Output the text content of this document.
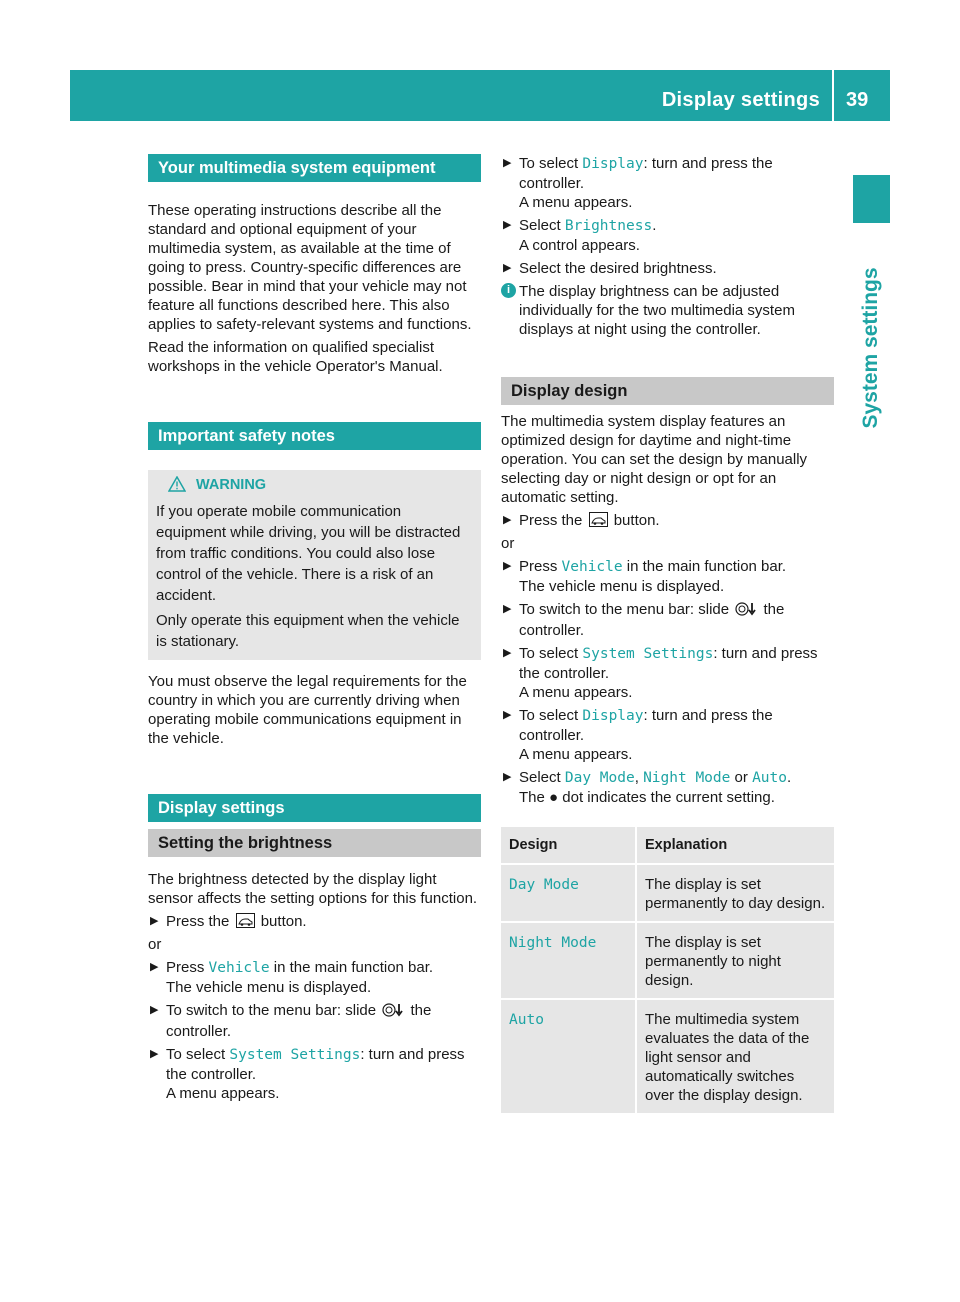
Display settings 39
System settings
Your multimedia system equipment

These operating instructions describe all the standard and optional equipment of your multimedia system, as available at the time of going to press. Country-specific differences are possible. Bear in mind that your vehicle may not feature all functions described here. This also applies to safety-relevant systems and functions.

Read the information on qualified specialist workshops in the vehicle Operator's Manual.

Important safety notes
WARNING

If you operate mobile communication equipment while driving, you will be distracted from traffic conditions. You could also lose control of the vehicle. There is a risk of an accident.

Only operate this equipment when the vehicle is stationary.

You must observe the legal requirements for the country in which you are currently driving when operating mobile communications equipment in the vehicle.

Display settings
Setting the brightness

The brightness detected by the display light sensor affects the setting options for this function.

▶ Press the button.

or

▶ Press Vehicle in the main function bar.
The vehicle menu is displayed.
▶ To switch to the menu bar: slide the controller.
▶ To select System Settings: turn and press the controller.
A menu appears.
▶ To select Display: turn and press the controller.
A menu appears.
▶ Select Brightness.
A control appears.
▶ Select the desired brightness.
i The display brightness can be adjusted individually for the two multimedia system displays at night using the controller.
Display design

The multimedia system display features an optimized design for daytime and night-time operation. You can set the design by manually selecting day or night design or opt for an automatic setting.

▶ Press the button.

or

▶ Press Vehicle in the main function bar.
The vehicle menu is displayed.
▶ To switch to the menu bar: slide the controller.
▶ To select System Settings: turn and press the controller.
A menu appears.
▶ To select Display: turn and press the controller.
A menu appears.
▶ Select Day Mode, Night Mode or Auto.
The ● dot indicates the current setting.
Design	Explanation
Day Mode	The display is set permanently to day design.
Night Mode	The display is set permanently to night design.
Auto	The multimedia system evaluates the data of the light sensor and automatically switches over the display design.
